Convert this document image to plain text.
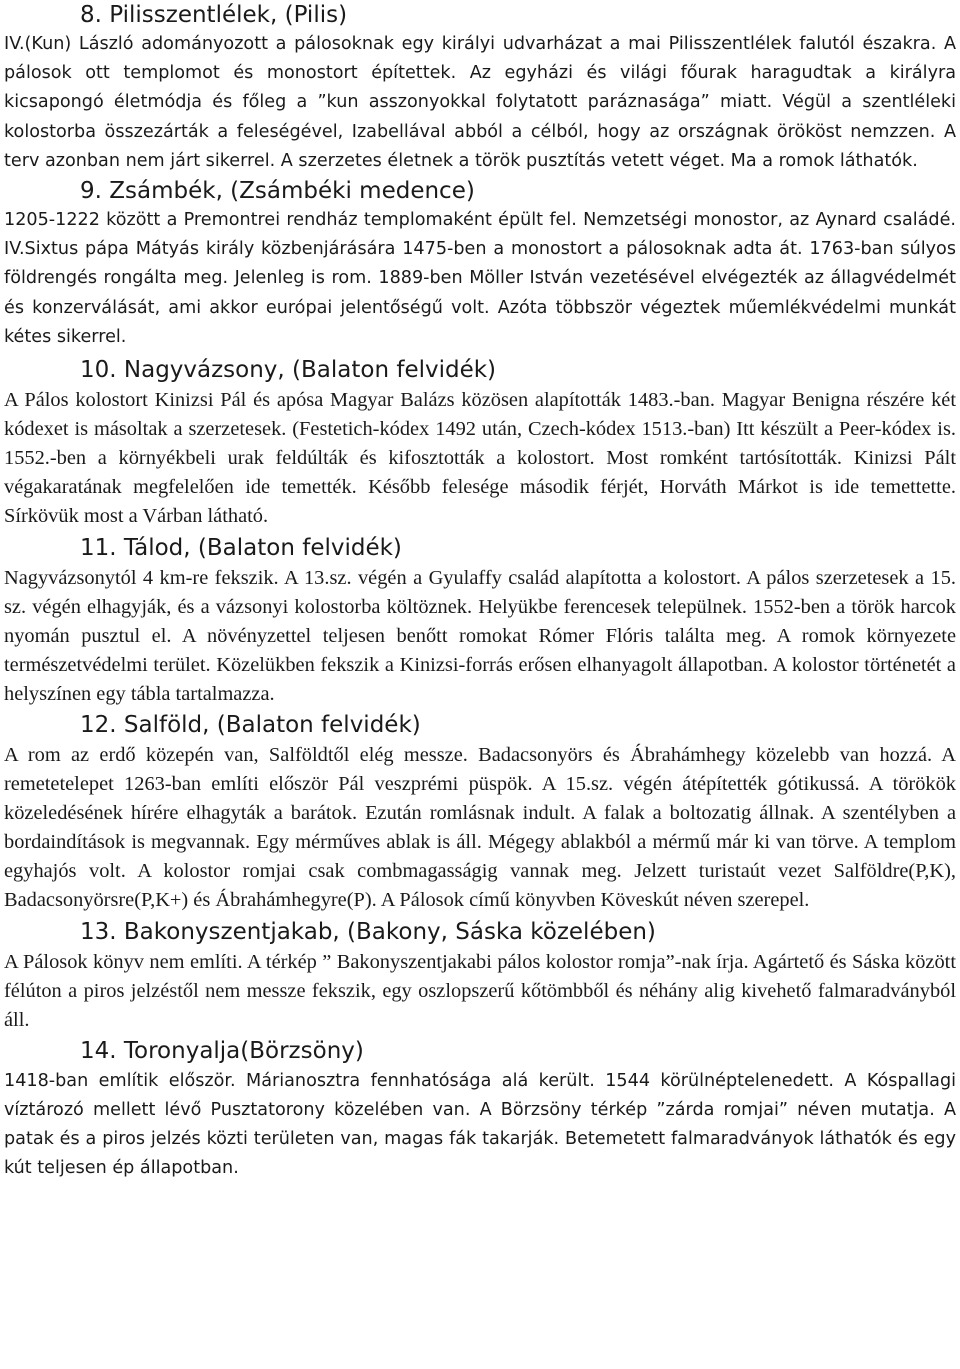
8. Pilisszentlélek, (Pilis)

IV.(Kun) László adományozott a pálosoknak egy királyi udvarházat a mai Pilisszentlélek falutól északra. A pálosok ott templomot és monostort építettek. Az egyházi és világi főurak haragudtak a királyra kicsapongó életmódja és főleg a ”kun asszonyokkal folytatott paráznasága” miatt. Végül a szentléleki kolostorba összezárták a feleségével, Izabellával abból a célból, hogy az országnak örököst nemzzen. A terv azonban nem járt sikerrel. A szerzetes életnek a török pusztítás vetett véget. Ma a romok láthatók.

9. Zsámbék, (Zsámbéki medence)

1205-1222 között a Premontrei rendház templomaként épült fel. Nemzetségi monostor, az Aynard családé. IV.Sixtus pápa Mátyás király közbenjárására 1475-ben a monostort a pálosoknak adta át. 1763-ban súlyos földrengés rongálta meg. Jelenleg is rom. 1889-ben Möller István vezetésével elvégezték az állagvédelmét és konzerválását, ami akkor európai jelentőségű volt. Azóta többször végeztek műemlékvédelmi munkát kétes sikerrel.

10. Nagyvázsony, (Balaton felvidék)

A Pálos kolostort Kinizsi Pál és apósa Magyar Balázs közösen alapították 1483.-ban. Magyar Benigna részére két kódexet is másoltak a szerzetesek. (Festetich-kódex 1492 után, Czech-kódex 1513.-ban) Itt készült a Peer-kódex is. 1552.-ben a környékbeli urak feldúlták és kifosztották a kolostort. Most romként tartósították. Kinizsi Pált végakaratának megfelelően ide temették. Később felesége második férjét, Horváth Márkot is ide temettette. Sírkövük most a Várban látható.

11. Tálod, (Balaton felvidék)

Nagyvázsonytól 4 km-re fekszik. A 13.sz. végén a Gyulaffy család alapította a kolostort. A pálos szerzetesek a 15. sz. végén elhagyják, és a vázsonyi kolostorba költöznek. Helyükbe ferencesek települnek. 1552-ben a török harcok nyomán pusztul el. A növényzettel teljesen benőtt romokat Rómer Flóris találta meg. A romok környezete természetvédelmi terület. Közelükben fekszik a Kinizsi-forrás erősen elhanyagolt állapotban. A kolostor történetét a helyszínen egy tábla tartalmazza.

12. Salföld, (Balaton felvidék)

A rom az erdő közepén van, Salföldtől elég messze. Badacsonyörs és Ábrahámhegy közelebb van hozzá. A remetetelepet 1263-ban említi először Pál veszprémi püspök. A 15.sz. végén átépítették gótikussá. A törökök közeledésének hírére elhagyták a barátok. Ezután romlásnak indult. A falak a boltozatig állnak. A szentélyben a bordaindítások is megvannak. Egy mérműves ablak is áll. Mégegy ablakból a mérmű már ki van törve. A templom egyhajós volt. A kolostor romjai csak combmagasságig vannak meg. Jelzett turistaút vezet Salföldre(P,K), Badacsonyörsre(P,K+) és Ábrahámhegyre(P). A Pálosok című könyvben Köveskút néven szerepel.

13. Bakonyszentjakab, (Bakony, Sáska közelében)

A Pálosok könyv nem említi. A térkép ” Bakonyszentjakabi pálos kolostor romja”-nak írja. Agártető és Sáska között félúton a piros jelzéstől nem messze fekszik, egy oszlopszerű kőtömbből és néhány alig kivehető falmaradványból áll.

14. Toronyalja(Börzsöny)

1418-ban említik először. Márianosztra fennhatósága alá került. 1544 körülnéptelenedett. A Kóspallagi víztározó mellett lévő Pusztatorony közelében van. A Börzsöny térkép ”zárda romjai” néven mutatja. A patak és a piros jelzés közti területen van, magas fák takarják. Betemetett falmaradványok láthatók és egy kút teljesen ép állapotban.
